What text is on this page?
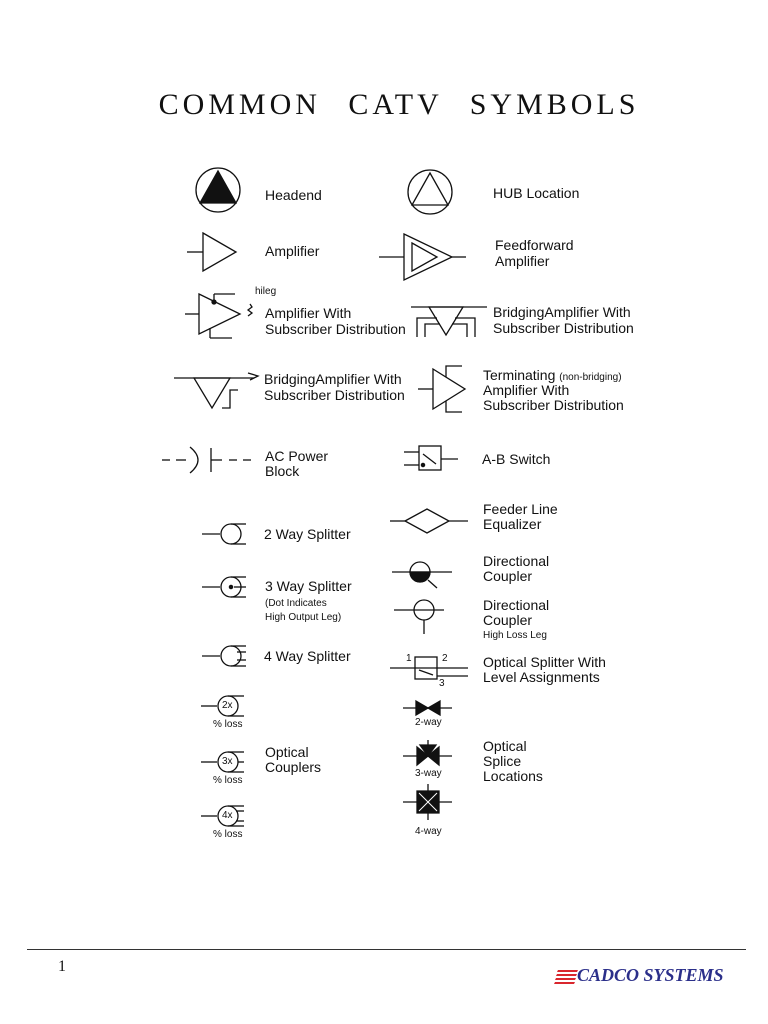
COMMON CATV SYMBOLS
Headend	HUB Location
Amplifier	Feedforward
Amplifier
hileg
Amplifier With
Subscriber Distribution
BridgingAmplifier With
Subscriber Distribution
BridgingAmplifier With
Subscriber Distribution
Terminating (non-bridging)
Amplifier With
Subscriber Distribution
AC Power
Block
A-B Switch
Feeder Line
Equalizer
2 Way Splitter
Directional
Coupler
3 Way Splitter
(Dot Indicates
High Output Leg)
Directional
Coupler
High Loss Leg
4 Way Splitter	1	2
3
Optical Splitter With
Level Assignments
2x
% loss	2-way
Optical
Splice
Locations
Optical
Couplers
3x
% loss
3-way
4x
% loss	4-way
1	CADCO SYSTEMS
